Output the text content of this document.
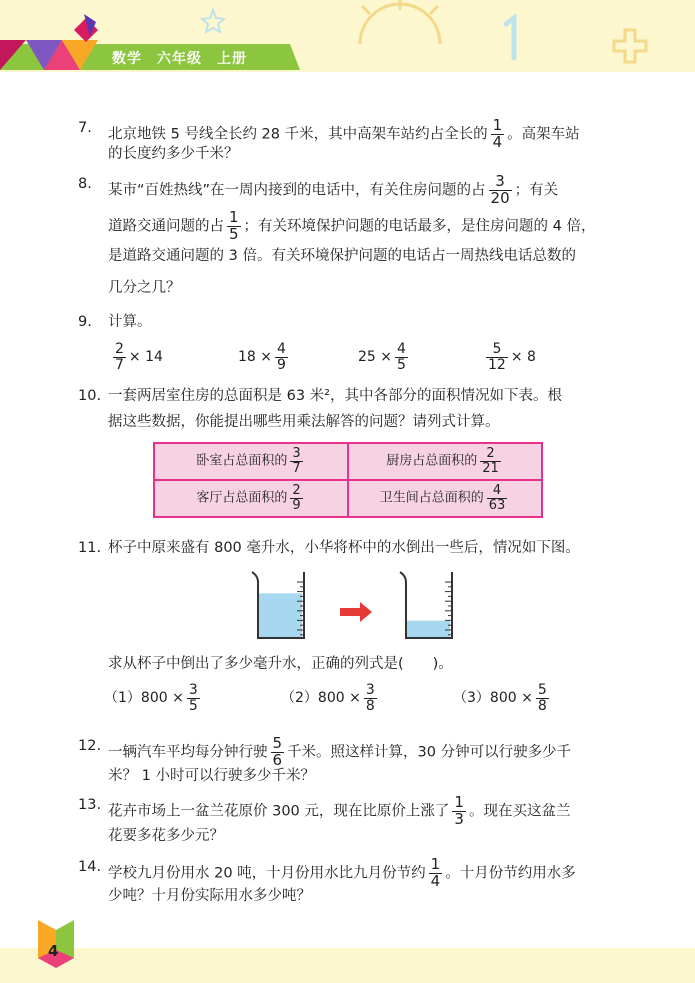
数学　 六年级　 上册
7. 北京地铁 5 号线全长约 28 千米，其中高架车站约占全长的 $\frac{1}{4}$ 。高架车站
的长度约多少千米？
8. 某市“百姓热线”在一周内接到的电话中，有关住房问题的占 $\frac{3}{20}$ ；有关
道路交通问题的占 $\frac{1}{5}$ ；有关环境保护问题的电话最多，是住房问题的 4 倍，
是道路交通问题的 3 倍。有关环境保护问题的电话占一周热线电话总数的
几分之几？
9. 计算。
$\frac{2}{7} \times 14$	$18 \times \frac{4}{9}$	$25 \times \frac{4}{5}$	$\frac{5}{12} \times 8$
10. 一套两居室住房的总面积是 63 米²，其中各部分的面积情况如下表。根
据这些数据，你能提出哪些用乘法解答的问题？请列式计算。
卧室占总面积的 $\frac{3}{7}$	厨房占总面积的 $\frac{2}{21}$

客厅占总面积的 $\frac{2}{9}$	卫生间占总面积的 $\frac{4}{63}$
11. 杯子中原来盛有 800 毫升水，小华将杯中的水倒出一些后，情况如下图。
求从杯子中倒出了多少毫升水，正确的列式是(　　)。
$(1)800 \times \frac{3}{5}$	$(2)800 \times \frac{3}{8}$	$(3)800 \times \frac{5}{8}$
12. 一辆汽车平均每分钟行驶 $\frac{5}{6}$ 千米。照这样计算，30 分钟可以行驶多少千
米？ 1 小时可以行驶多少千米？
13. 花卉市场上一盆兰花原价 300 元，现在比原价上涨了 $\frac{1}{3}$ 。现在买这盆兰
花要多花多少元？
14. 学校九月份用水 20 吨，十月份用水比九月份节约 $\frac{1}{4}$ 。十月份节约用水多
少吨？十月份实际用水多少吨？
4
